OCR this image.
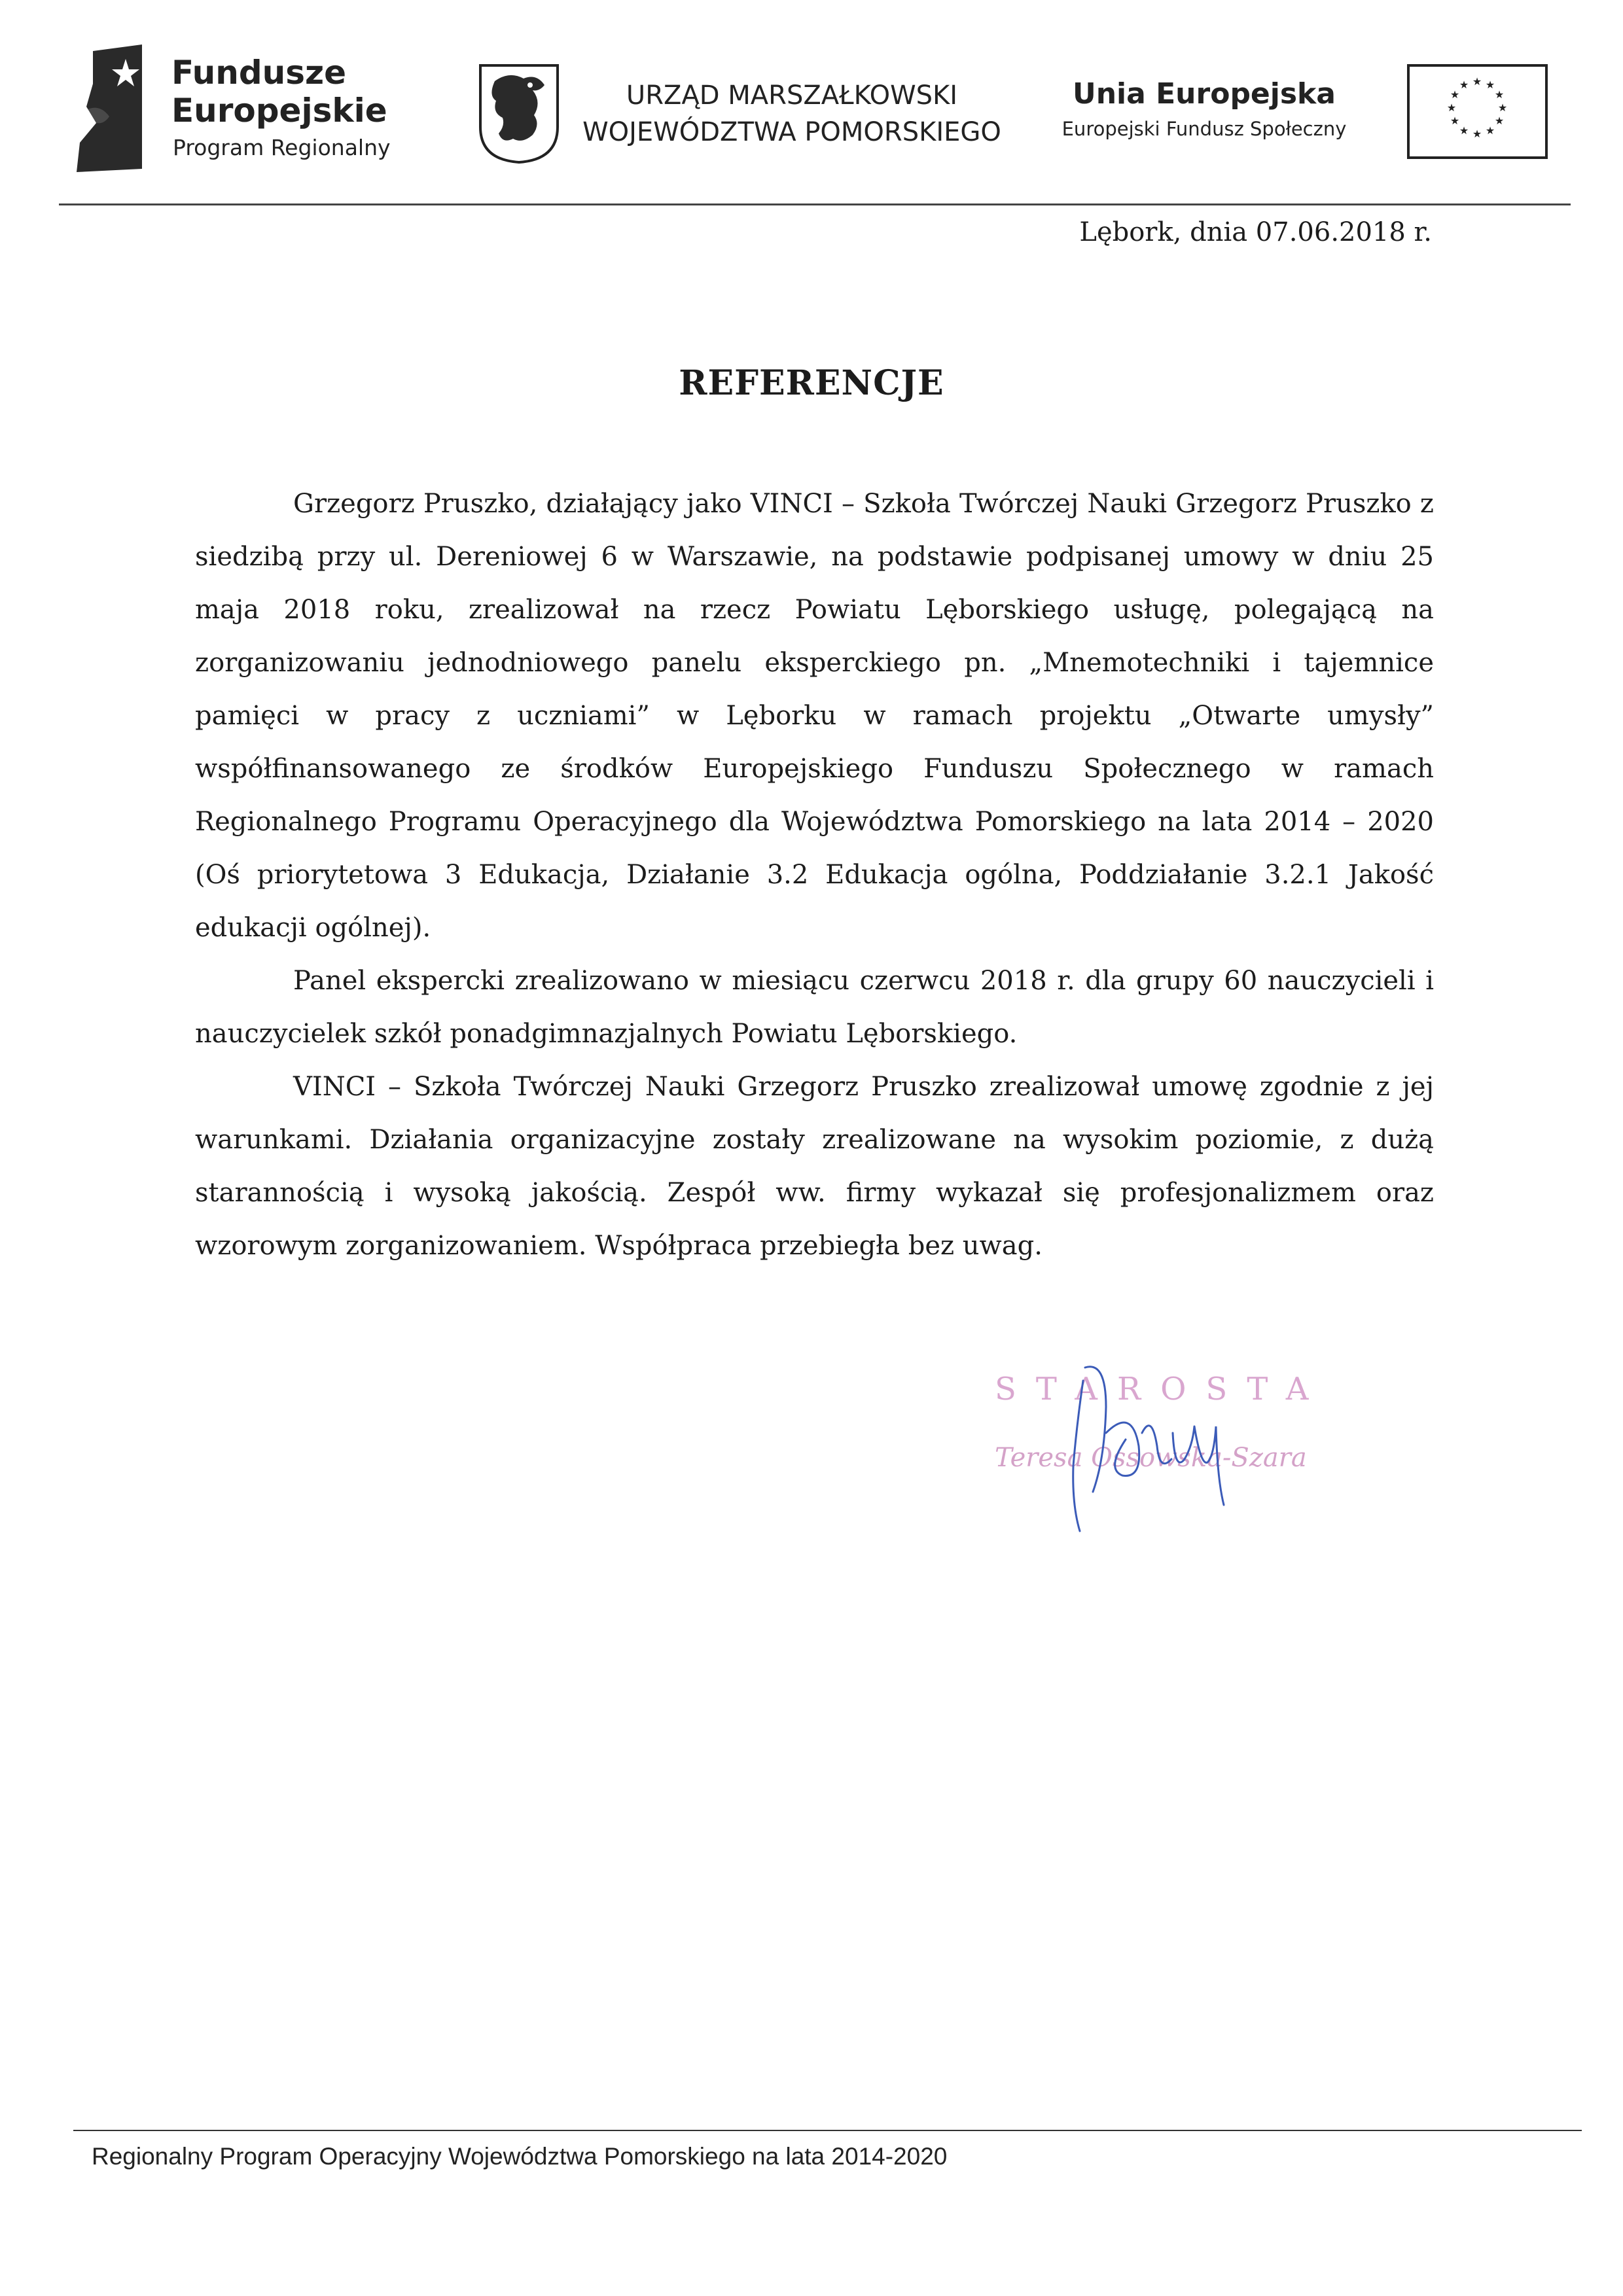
Fundusze
Europejskie
Program Regionalny
URZĄD MARSZAŁKOWSKI
WOJEWÓDZTWA POMORSKIEGO
Unia Europejska
Europejski Fundusz Społeczny
★ ★
★
★
★
★
★
★
★
★
★
★
Lębork, dnia 07.06.2018 r.
REFERENCJE

Grzegorz Pruszko, działający jako VINCI – Szkoła Twórczej Nauki Grzegorz Pruszko z siedzibą przy ul. Dereniowej 6 w Warszawie, na podstawie podpisanej umowy w dniu 25 maja 2018 roku, zrealizował na rzecz Powiatu Lęborskiego usługę, polegającą na zorganizowaniu jednodniowego panelu eksperckiego pn. „Mnemotechniki i tajemnice pamięci w pracy z uczniami” w Lęborku w ramach projektu „Otwarte umysły” współfinansowanego ze środków Europejskiego Funduszu Społecznego w ramach Regionalnego Programu Operacyjnego dla Województwa Pomorskiego na lata 2014 – 2020 (Oś priorytetowa 3 Edukacja, Działanie 3.2 Edukacja ogólna, Poddziałanie 3.2.1 Jakość edukacji ogólnej).

Panel ekspercki zrealizowano w miesiącu czerwcu 2018 r. dla grupy 60 nauczycieli i nauczycielek szkół ponadgimnazjalnych Powiatu Lęborskiego.

VINCI – Szkoła Twórczej Nauki Grzegorz Pruszko zrealizował umowę zgodnie z jej warunkami. Działania organizacyjne zostały zrealizowane na wysokim poziomie, z dużą starannością i wysoką jakością. Zespół ww. firmy wykazał się profesjonalizmem oraz wzorowym zorganizowaniem. Współpraca przebiegła bez uwag.

STAROSTA
Teresa Ossowska-Szara
Regionalny Program Operacyjny Województwa Pomorskiego na lata 2014-2020
